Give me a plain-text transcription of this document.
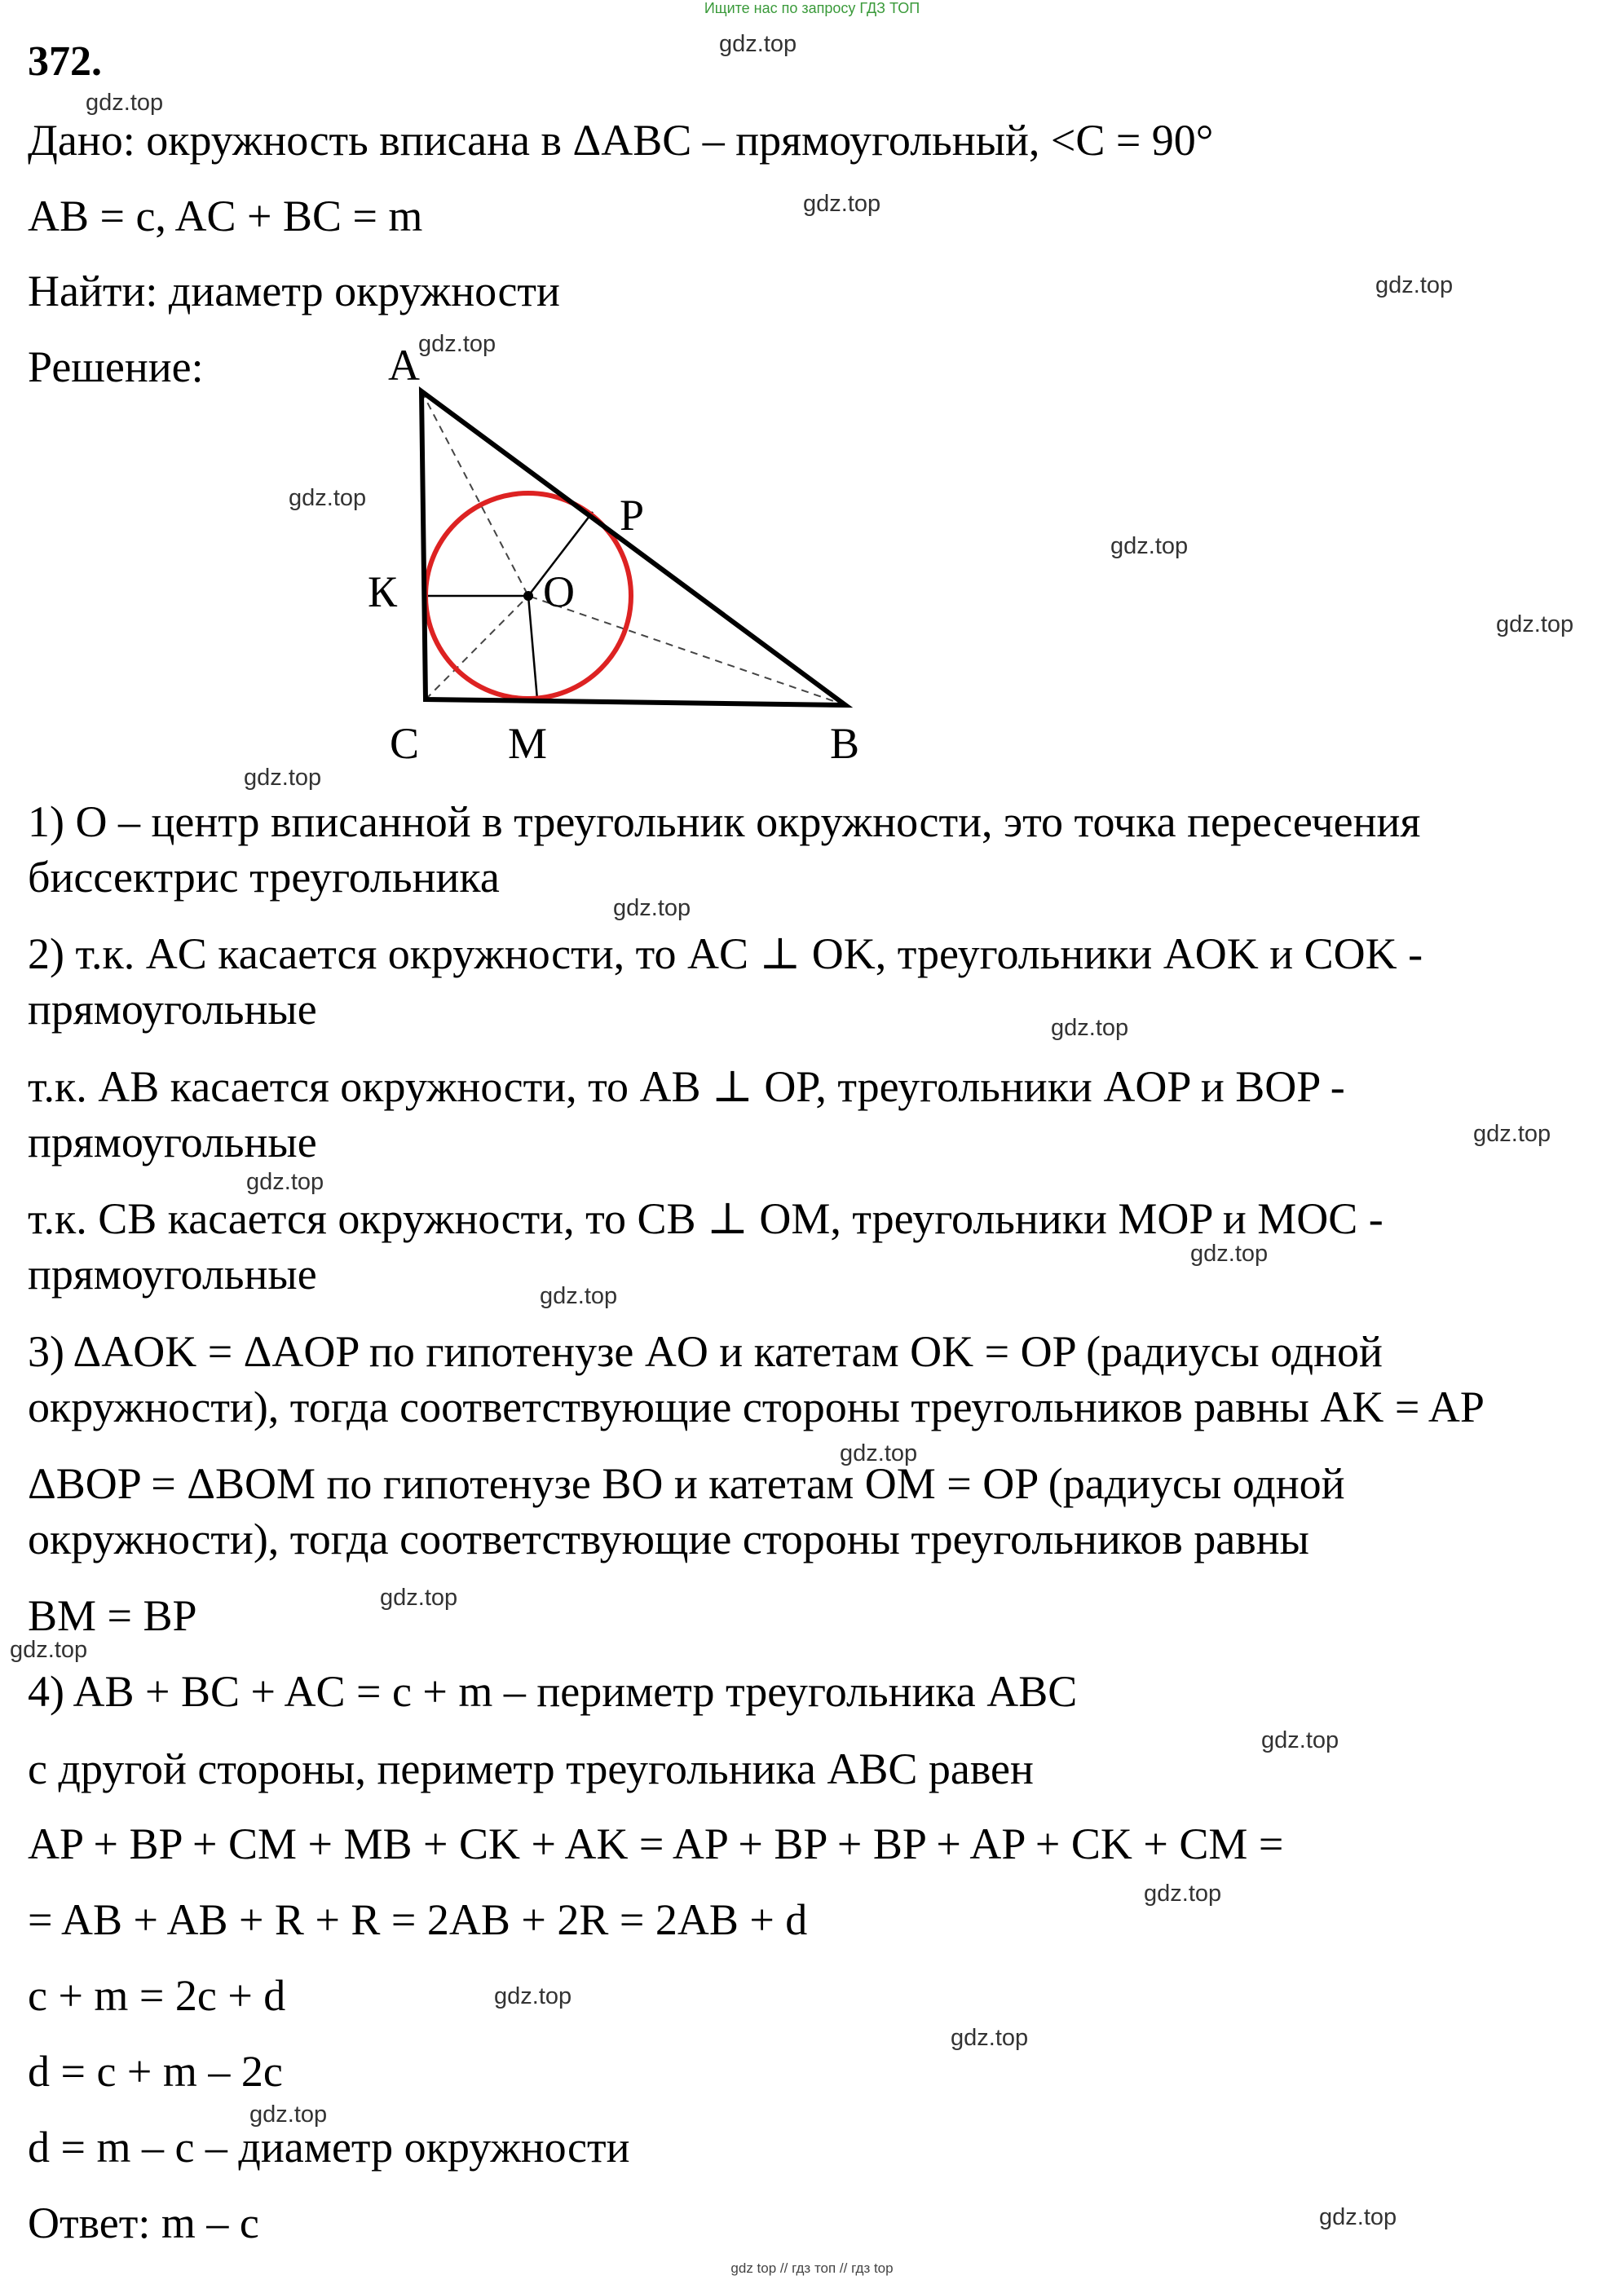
Ищите нас по запросу ГДЗ ТОП
372.
Дано: окружность вписана в ΔABC – прямоугольный, <C = 90°
AB = c, AC + BC = m
Найти: диаметр окружности
Решение:	A
P
К	O
C M	B
1) O – центр вписанной в треугольник окружности, это точка пересечения
биссектрис треугольника
2) т.к. AC касается окружности, то AC ⊥ OK, треугольники AOK и COK -
прямоугольные
т.к. AB касается окружности, то AB ⊥ OP, треугольники AOP и BOP -
прямоугольные
т.к. CB касается окружности, то CB ⊥ OM, треугольники MOP и MOC -
прямоугольные
3) ΔAOK = ΔAOP по гипотенузе AO и катетам OK = OP (радиусы одной
окружности), тогда соответствующие стороны треугольников равны AK = AP
ΔBOP = ΔBOM по гипотенузе BO и катетам OM = OP (радиусы одной
окружности), тогда соответствующие стороны треугольников равны
BM = BP
4) AB + BC + AC = c + m – периметр треугольника ABC
с другой стороны, периметр треугольника ABC равен
AP + BP + CM + MB + CK + AK = AP + BP + BP + AP + CK + CM =
= AB + AB + R + R = 2AB + 2R = 2AB + d
c + m = 2c + d
d = c + m – 2c
d = m – c – диаметр окружности
Ответ: m – c
gdz.top
gdz.top
gdz.top
gdz.top
gdz.top
gdz.top
gdz.top
gdz.top
gdz.top
gdz.top
gdz.top
gdz.top
gdz.top
gdz.top
gdz.top
gdz.top
gdz.top
gdz.top
gdz.top
gdz.top
gdz.top
gdz.top
gdz.top
gdz.top
gdz top // гдз топ // гдз top
